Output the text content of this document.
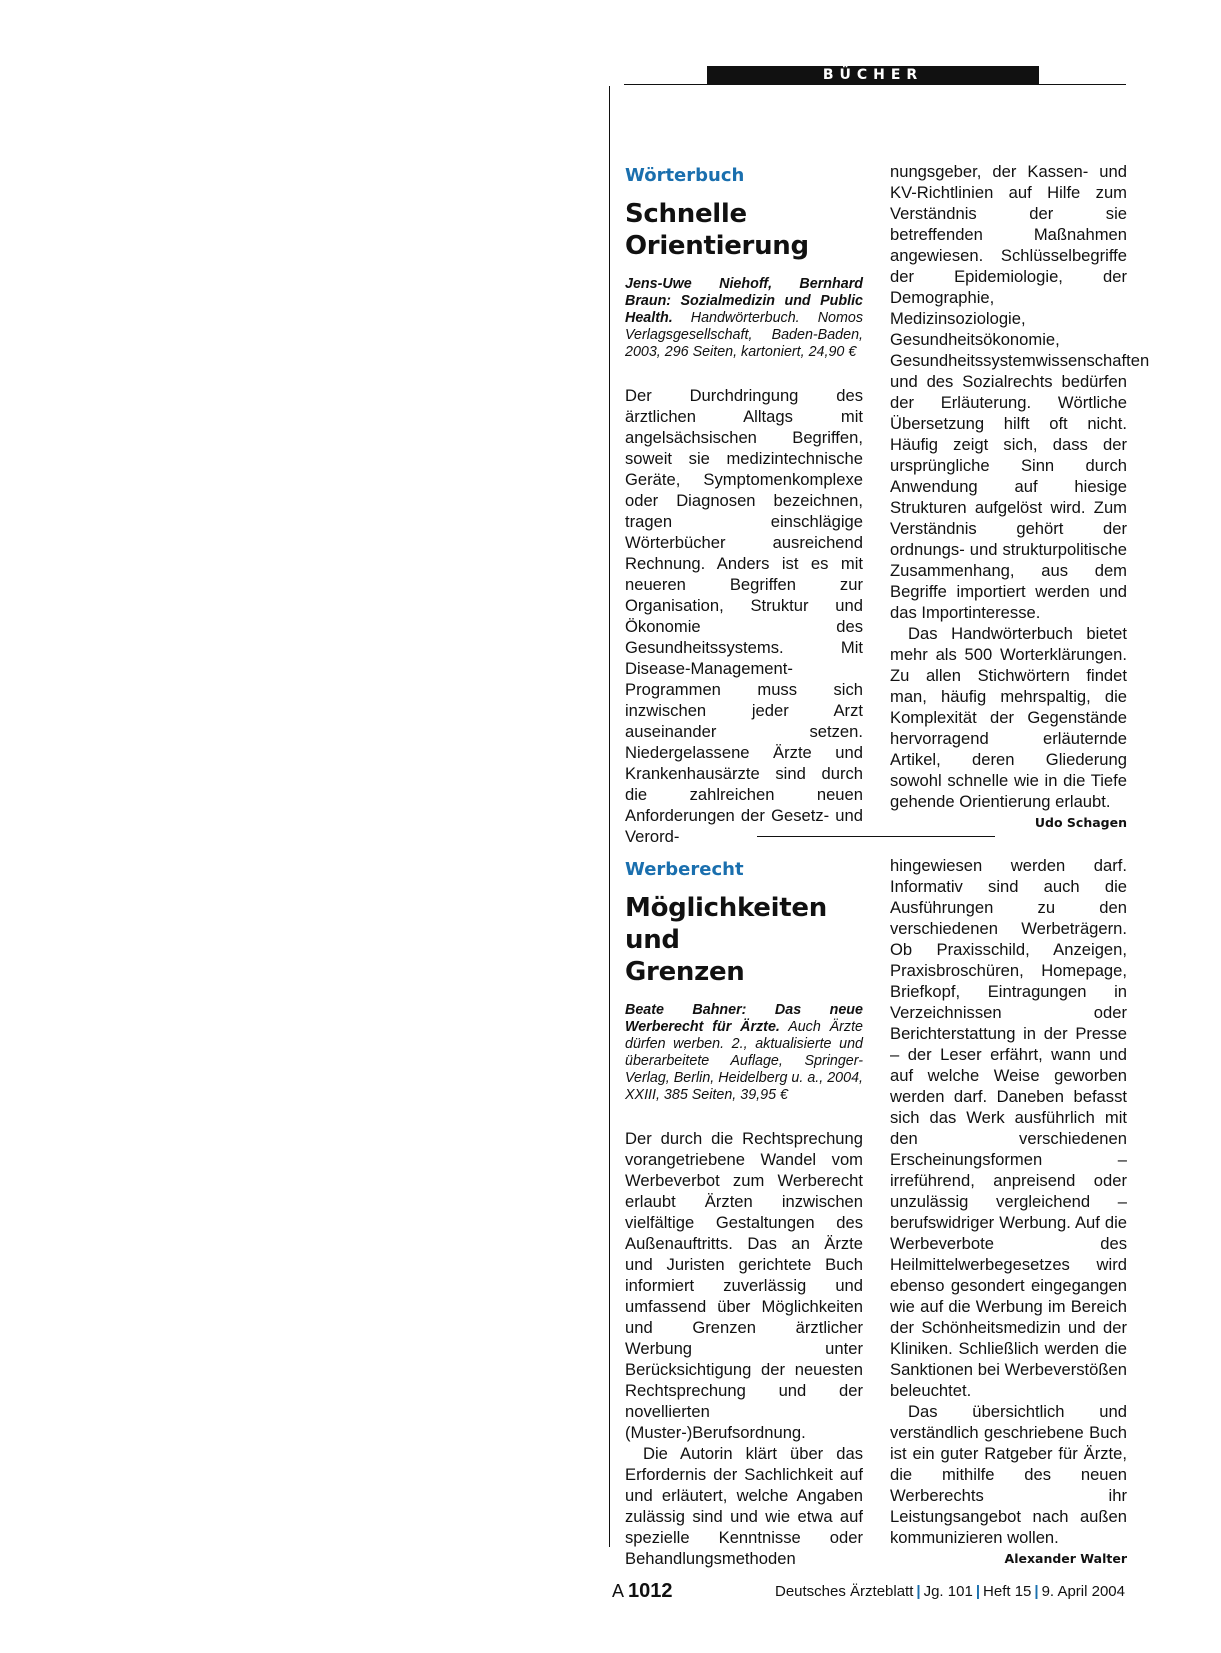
BÜCHER

Wörterbuch

Schnelle
Orientierung

Jens-Uwe Niehoff, Bernhard Braun: Sozialmedizin und Public Health. Handwörterbuch. Nomos Verlagsgesellschaft, Baden-Baden, 2003, 296 Seiten, kartoniert, 24,90 €

Der Durchdringung des ärztlichen Alltags mit angelsächsischen Begriffen, soweit sie medizintechnische Geräte, Symptomenkomplexe oder Diagnosen bezeichnen, tragen einschlägige Wörterbücher ausreichend Rechnung. Anders ist es mit neueren Begriffen zur Organisation, Struktur und Ökonomie des Gesundheitssystems. Mit Disease-Management-Programmen muss sich inzwischen jeder Arzt auseinander setzen. Niedergelassene Ärzte und Krankenhausärzte sind durch die zahlreichen neuen Anforderungen der Gesetz- und Verord-

nungsgeber, der Kassen- und KV-Richtlinien auf Hilfe zum Verständnis der sie betreffenden Maßnahmen angewiesen. Schlüsselbegriffe der Epidemiologie, der Demographie, Medizinsoziologie, Gesundheitsökonomie, Gesundheitssystemwissenschaften und des Sozialrechts bedürfen der Erläuterung. Wörtliche Übersetzung hilft oft nicht. Häufig zeigt sich, dass der ursprüngliche Sinn durch Anwendung auf hiesige Strukturen aufgelöst wird. Zum Verständnis gehört der ordnungs- und strukturpolitische Zusammenhang, aus dem Begriffe importiert werden und das Importinteresse.

Das Handwörterbuch bietet mehr als 500 Worterklärungen. Zu allen Stichwörtern findet man, häufig mehrspaltig, die Komplexität der Gegenstände hervorragend erläuternde Artikel, deren Gliederung sowohl schnelle wie in die Tiefe gehende Orientierung erlaubt.
Udo Schagen

Werberecht

Möglichkeiten und
Grenzen

Beate Bahner: Das neue Werberecht für Ärzte. Auch Ärzte dürfen werben. 2., aktualisierte und überarbeitete Auflage, Springer-Verlag, Berlin, Heidelberg u. a., 2004, XXIII, 385 Seiten, 39,95 €

Der durch die Rechtsprechung vorangetriebene Wandel vom Werbeverbot zum Werberecht erlaubt Ärzten inzwischen vielfältige Gestaltungen des Außenauftritts. Das an Ärzte und Juristen gerichtete Buch informiert zuverlässig und umfassend über Möglichkeiten und Grenzen ärztlicher Werbung unter Berücksichtigung der neuesten Rechtsprechung und der novellierten (Muster-)Berufsordnung.

Die Autorin klärt über das Erfordernis der Sachlichkeit auf und erläutert, welche Angaben zulässig sind und wie etwa auf spezielle Kenntnisse oder Behandlungsmethoden

hingewiesen werden darf. Informativ sind auch die Ausführungen zu den verschiedenen Werbeträgern. Ob Praxisschild, Anzeigen, Praxisbroschüren, Homepage, Briefkopf, Eintragungen in Verzeichnissen oder Berichterstattung in der Presse – der Leser erfährt, wann und auf welche Weise geworben werden darf. Daneben befasst sich das Werk ausführlich mit den verschiedenen Erscheinungsformen – irreführend, anpreisend oder unzulässig vergleichend – berufswidriger Werbung. Auf die Werbeverbote des Heilmittelwerbegesetzes wird ebenso gesondert eingegangen wie auf die Werbung im Bereich der Schönheitsmedizin und der Kliniken. Schließlich werden die Sanktionen bei Werbeverstößen beleuchtet.

Das übersichtlich und verständlich geschriebene Buch ist ein guter Ratgeber für Ärzte, die mithilfe des neuen Werberechts ihr Leistungsangebot nach außen kommunizieren wollen.
Alexander Walter

A 1012	Deutsches Ärzteblatt | Jg. 101 | Heft 15 | 9. April 2004
